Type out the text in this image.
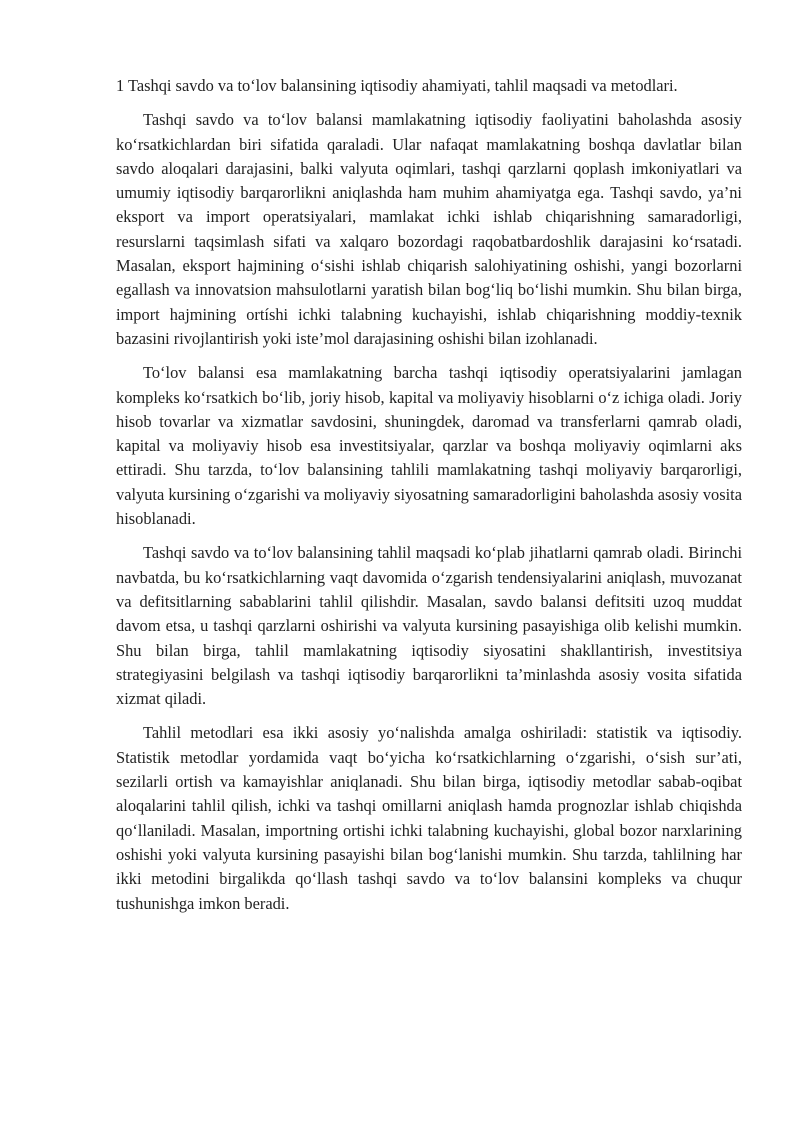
1 Tashqi savdo va to‘lov balansining iqtisodiy ahamiyati, tahlil maqsadi va metodlari.

Tashqi savdo va to‘lov balansi mamlakatning iqtisodiy faoliyatini baholashda asosiy ko‘rsatkichlardan biri sifatida qaraladi. Ular nafaqat mamlakatning boshqa davlatlar bilan savdo aloqalari darajasini, balki valyuta oqimlari, tashqi qarzlarni qoplash imkoniyatlari va umumiy iqtisodiy barqarorlikni aniqlashda ham muhim ahamiyatga ega. Tashqi savdo, ya’ni eksport va import operatsiyalari, mamlakat ichki ishlab chiqarishning samaradorligi, resurslarni taqsimlash sifati va xalqaro bozordagi raqobatbardoshlik darajasini ko‘rsatadi. Masalan, eksport hajmining o‘sishi ishlab chiqarish salohiyatining oshishi, yangi bozorlarni egallash va innovatsion mahsulotlarni yaratish bilan bog‘liq bo‘lishi mumkin. Shu bilan birga, import hajmining ortíshi ichki talabning kuchayishi, ishlab chiqarishning moddiy-texnik bazasini rivojlantirish yoki iste’mol darajasining oshishi bilan izohlanadi.

To‘lov balansi esa mamlakatning barcha tashqi iqtisodiy operatsiyalarini jamlagan kompleks ko‘rsatkich bo‘lib, joriy hisob, kapital va moliyaviy hisoblarni o‘z ichiga oladi. Joriy hisob tovarlar va xizmatlar savdosini, shuningdek, daromad va transferlarni qamrab oladi, kapital va moliyaviy hisob esa investitsiyalar, qarzlar va boshqa moliyaviy oqimlarni aks ettiradi. Shu tarzda, to‘lov balansining tahlili mamlakatning tashqi moliyaviy barqarorligi, valyuta kursining o‘zgarishi va moliyaviy siyosatning samaradorligini baholashda asosiy vosita hisoblanadi.

Tashqi savdo va to‘lov balansining tahlil maqsadi ko‘plab jihatlarni qamrab oladi. Birinchi navbatda, bu ko‘rsatkichlarning vaqt davomida o‘zgarish tendensiyalarini aniqlash, muvozanat va defitsitlarning sabablarini tahlil qilishdir. Masalan, savdo balansi defitsiti uzoq muddat davom etsa, u tashqi qarzlarni oshirishi va valyuta kursining pasayishiga olib kelishi mumkin. Shu bilan birga, tahlil mamlakatning iqtisodiy siyosatini shakllantirish, investitsiya strategiyasini belgilash va tashqi iqtisodiy barqarorlikni ta’minlashda asosiy vosita sifatida xizmat qiladi.

Tahlil metodlari esa ikki asosiy yo‘nalishda amalga oshiriladi: statistik va iqtisodiy. Statistik metodlar yordamida vaqt bo‘yicha ko‘rsatkichlarning o‘zgarishi, o‘sish sur’ati, sezilarli ortish va kamayishlar aniqlanadi. Shu bilan birga, iqtisodiy metodlar sabab-oqibat aloqalarini tahlil qilish, ichki va tashqi omillarni aniqlash hamda prognozlar ishlab chiqishda qo‘llaniladi. Masalan, importning ortishi ichki talabning kuchayishi, global bozor narxlarining oshishi yoki valyuta kursining pasayishi bilan bog‘lanishi mumkin. Shu tarzda, tahlilning har ikki metodini birgalikda qo‘llash tashqi savdo va to‘lov balansini kompleks va chuqur tushunishga imkon beradi.
